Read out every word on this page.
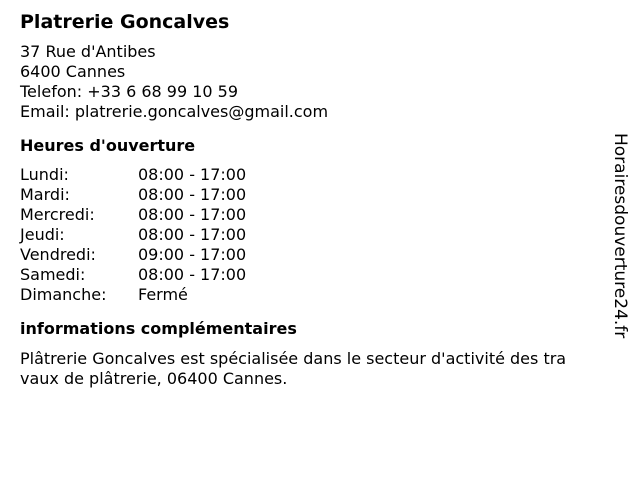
Platrerie Goncalves
37 Rue d'Antibes
6400 Cannes
Telefon: +33 6 68 99 10 59
Email: platrerie.goncalves@gmail.com
Heures d'ouverture
Lundi:	08:00 - 17:00
Mardi:	08:00 - 17:00
Mercredi:	08:00 - 17:00
Jeudi:	08:00 - 17:00
Vendredi:	09:00 - 17:00
Samedi:	08:00 - 17:00
Dimanche: Fermé
informations complémentaires
Plâtrerie Goncalves est spécialisée dans le secteur d'activité des travaux de plâtrerie, 06400 Cannes.
Horairesdouverture24.fr
